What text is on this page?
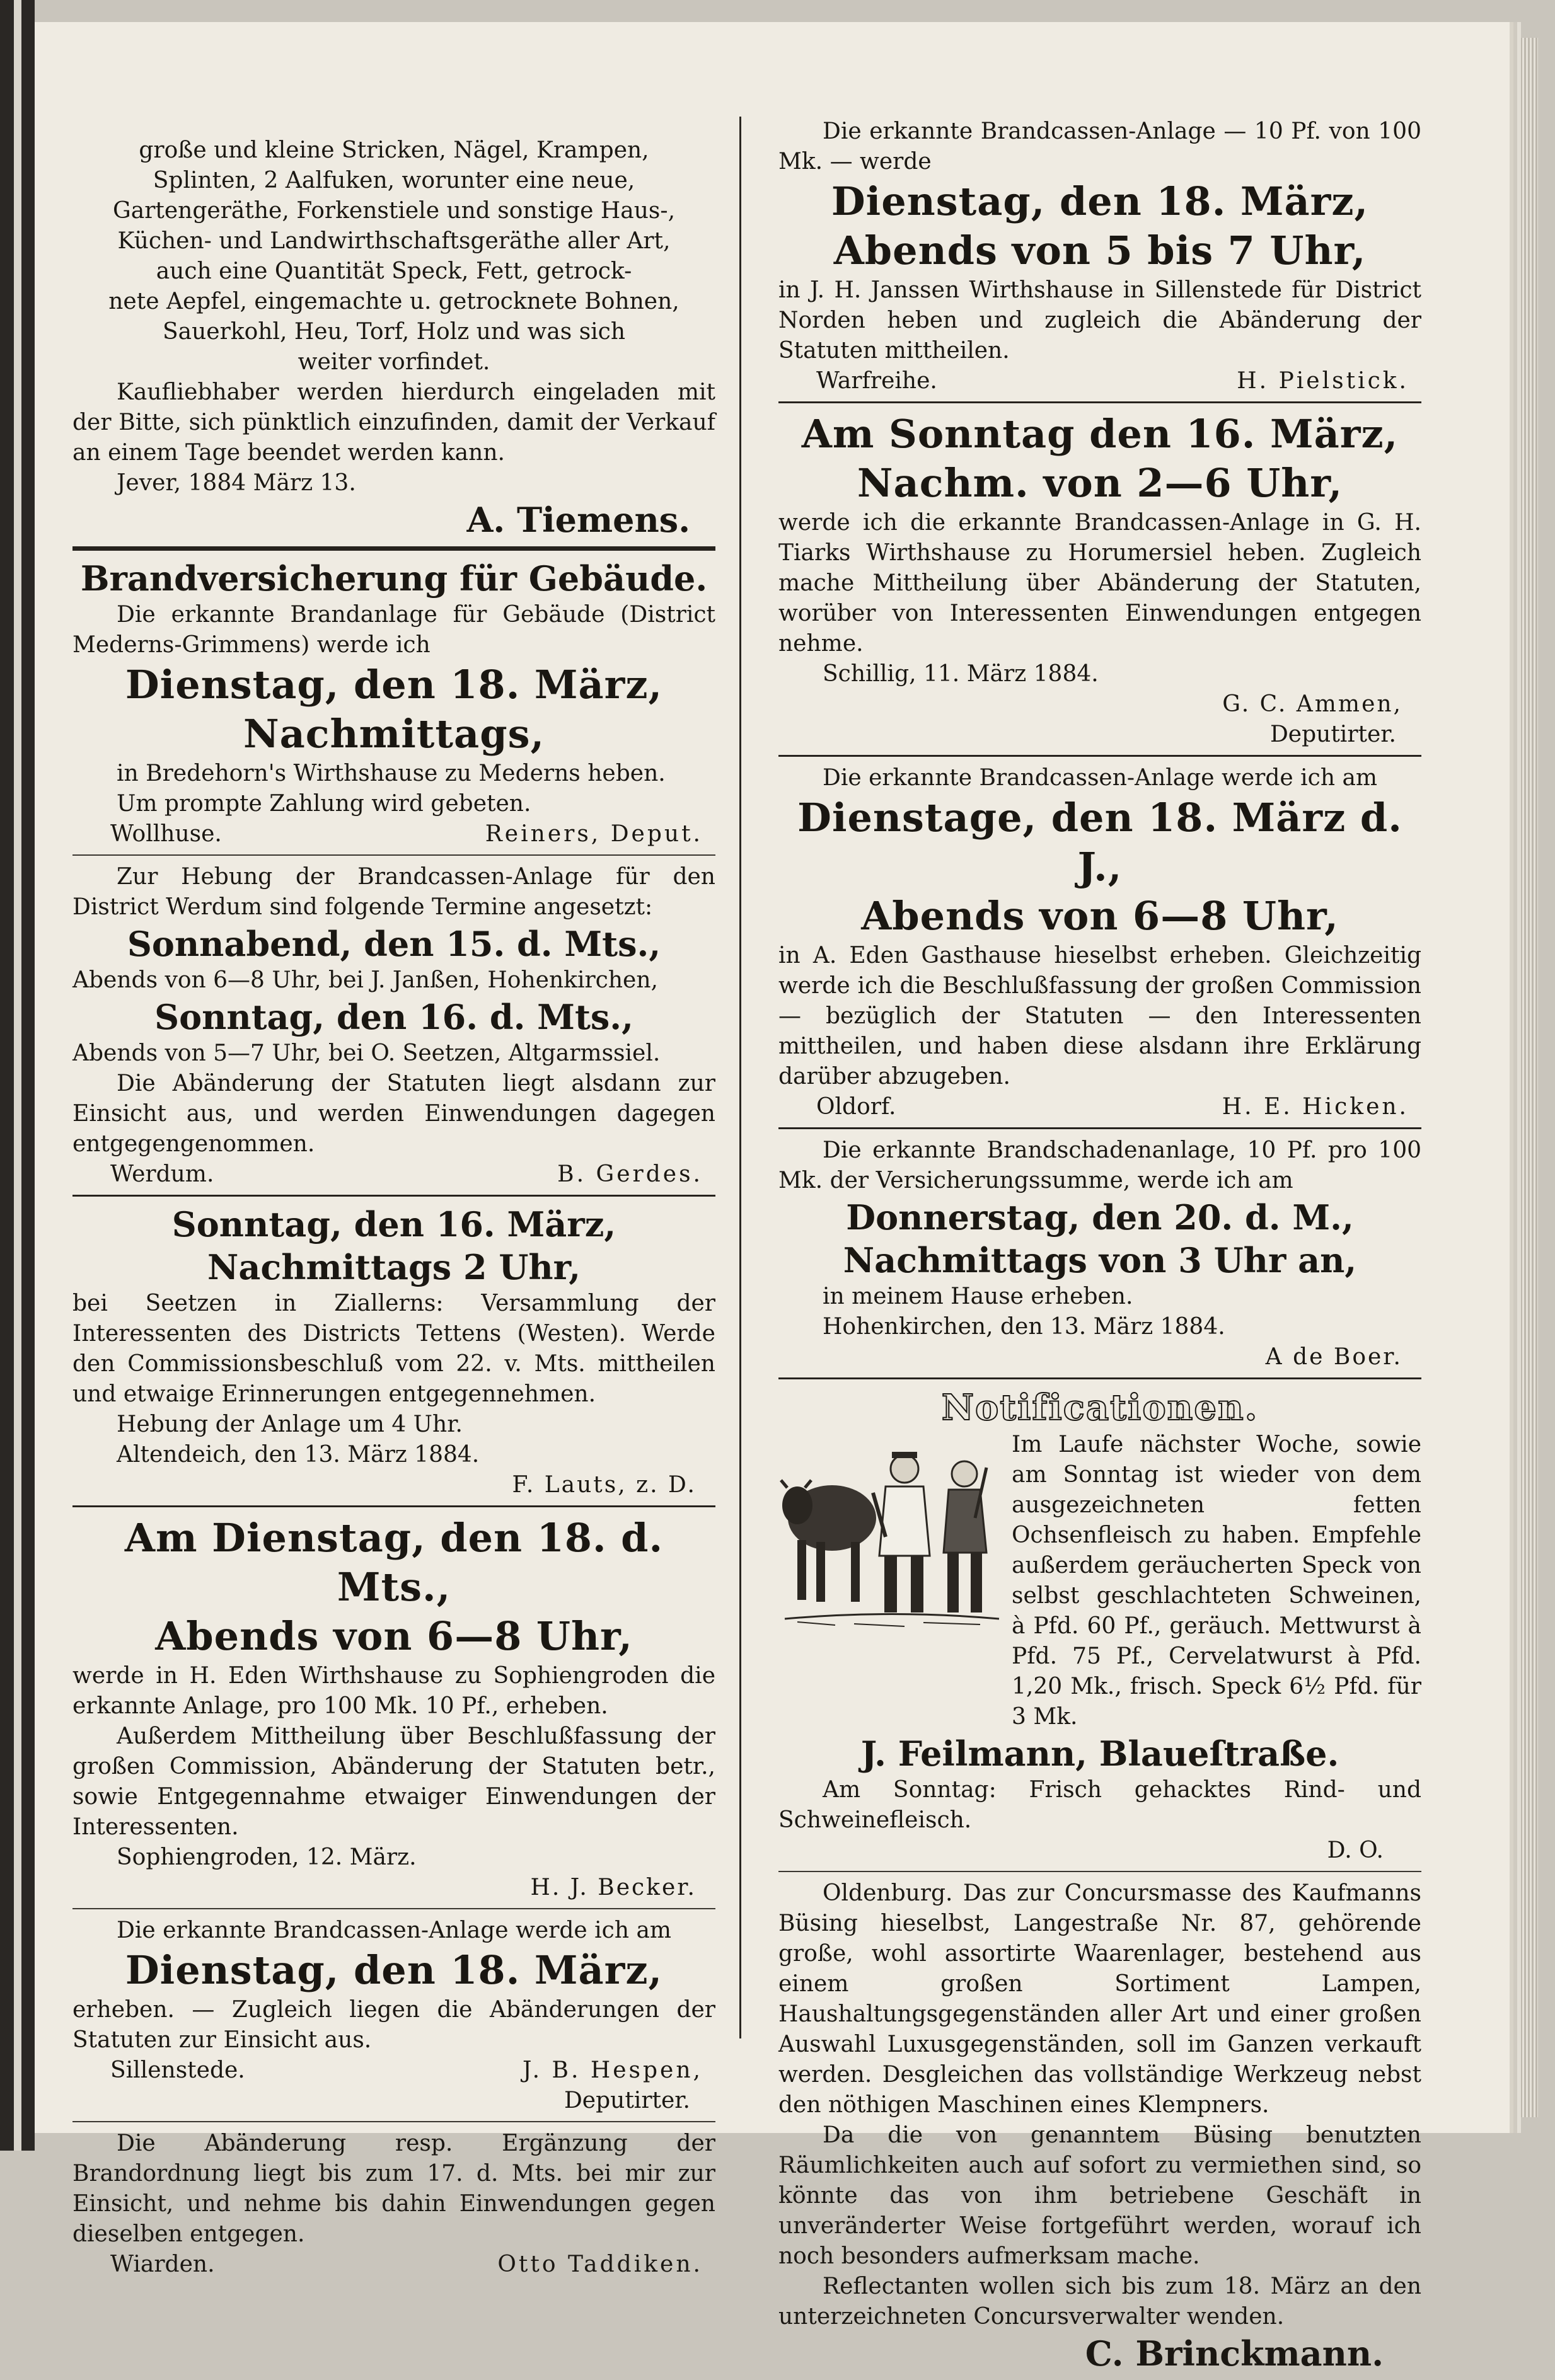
große und kleine Stricken, Nägel, Krampen,

Splinten, 2 Aalfuken, worunter eine neue,

Gartengeräthe, Forkenstiele und sonstige Haus-,

Küchen- und Landwirthschaftsgeräthe aller Art,

auch eine Quantität Speck, Fett, getrock-

nete Aepfel, eingemachte u. getrocknete Bohnen,

Sauerkohl, Heu, Torf, Holz und was sich

weiter vorfindet.

Kaufliebhaber werden hierdurch eingeladen mit der Bitte, sich pünktlich einzufinden, damit der Verkauf an einem Tage beendet werden kann.

Jever, 1884 März 13.

A. Tiemens.

Brandversicherung für Gebäude.

Die erkannte Brandanlage für Gebäude (District Mederns-Grimmens) werde ich

Dienstag, den 18. März,

Nachmittags,

in Bredehorn's Wirthshause zu Mederns heben.

Um prompte Zahlung wird gebeten.

Wollhuse.	Reiners, Deput.

Zur Hebung der Brandcassen-Anlage für den District Werdum sind folgende Termine angesetzt:

Sonnabend, den 15. d. Mts.,

Abends von 6—8 Uhr, bei J. Janßen, Hohenkirchen,

Sonntag, den 16. d. Mts.,

Abends von 5—7 Uhr, bei O. Seetzen, Altgarmssiel.

Die Abänderung der Statuten liegt alsdann zur Einsicht aus, und werden Einwendungen dagegen entgegengenommen.

Werdum.	B. Gerdes.

Sonntag, den 16. März,

Nachmittags 2 Uhr,

bei Seetzen in Ziallerns: Versammlung der Interessenten des Districts Tettens (Westen). Werde den Commissionsbeschluß vom 22. v. Mts. mittheilen und etwaige Erinnerungen entgegennehmen.

Hebung der Anlage um 4 Uhr.

Altendeich, den 13. März 1884.

F. Lauts, z. D.

Am Dienstag, den 18. d. Mts.,

Abends von 6—8 Uhr,

werde in H. Eden Wirthshause zu Sophiengroden die erkannte Anlage, pro 100 Mk. 10 Pf., erheben.

Außerdem Mittheilung über Beschlußfassung der großen Commission, Abänderung der Statuten betr., sowie Entgegennahme etwaiger Einwendungen der Interessenten.

Sophiengroden, 12. März.

H. J. Becker.

Die erkannte Brandcassen-Anlage werde ich am

Dienstag, den 18. März,

erheben. — Zugleich liegen die Abänderungen der Statuten zur Einsicht aus.

Sillenstede.	J. B. Hespen,

Deputirter.

Die Abänderung resp. Ergänzung der Brandordnung liegt bis zum 17. d. Mts. bei mir zur Einsicht, und nehme bis dahin Einwendungen gegen dieselben entgegen.

Wiarden.	Otto Taddiken.

Die erkannte Brandcassen-Anlage — 10 Pf. von 100 Mk. — werde

Dienstag, den 18. März,

Abends von 5 bis 7 Uhr,

in J. H. Janssen Wirthshause in Sillenstede für District Norden heben und zugleich die Abänderung der Statuten mittheilen.

Warfreihe.	H. Pielstick.

Am Sonntag den 16. März,

Nachm. von 2—6 Uhr,

werde ich die erkannte Brandcassen-Anlage in G. H. Tiarks Wirthshause zu Horumersiel heben. Zugleich mache Mittheilung über Abänderung der Statuten, worüber von Interessenten Einwendungen entgegen nehme.

Schillig, 11. März 1884.

G. C. Ammen,

Deputirter.

Die erkannte Brandcassen-Anlage werde ich am

Dienstage, den 18. März d. J.,

Abends von 6—8 Uhr,

in A. Eden Gasthause hieselbst erheben. Gleichzeitig werde ich die Beschlußfassung der großen Commission — bezüglich der Statuten — den Interessenten mittheilen, und haben diese alsdann ihre Erklärung darüber abzugeben.

Oldorf.	H. E. Hicken.

Die erkannte Brandschadenanlage, 10 Pf. pro 100 Mk. der Versicherungssumme, werde ich am

Donnerstag, den 20. d. M.,

Nachmittags von 3 Uhr an,

in meinem Hause erheben.

Hohenkirchen, den 13. März 1884.

A de Boer.

Notificationen.

Im Laufe nächster Woche, sowie am Sonntag ist wieder von dem ausgezeichneten fetten Ochsenfleisch zu haben. Empfehle außerdem geräucherten Speck von selbst geschlachteten Schweinen, à Pfd. 60 Pf., geräuch. Mettwurst à Pfd. 75 Pf., Cervelatwurst à Pfd. 1,20 Mk., frisch. Speck 6½ Pfd. für 3 Mk.

J. Feilmann, Blaueſtraße.

Am Sonntag: Frisch gehacktes Rind- und Schweinefleisch.

D. O.

Oldenburg. Das zur Concursmasse des Kaufmanns Büsing hieselbst, Langestraße Nr. 87, gehörende große, wohl assortirte Waarenlager, bestehend aus einem großen Sortiment Lampen, Haushaltungsgegenständen aller Art und einer großen Auswahl Luxusgegenständen, soll im Ganzen verkauft werden. Desgleichen das vollständige Werkzeug nebst den nöthigen Maschinen eines Klempners.

Da die von genanntem Büsing benutzten Räumlichkeiten auch auf sofort zu vermiethen sind, so könnte das von ihm betriebene Geschäft in unveränderter Weise fortgeführt werden, worauf ich noch besonders aufmerksam mache.

Reflectanten wollen sich bis zum 18. März an den unterzeichneten Concursverwalter wenden.

C. Brinckmann.
